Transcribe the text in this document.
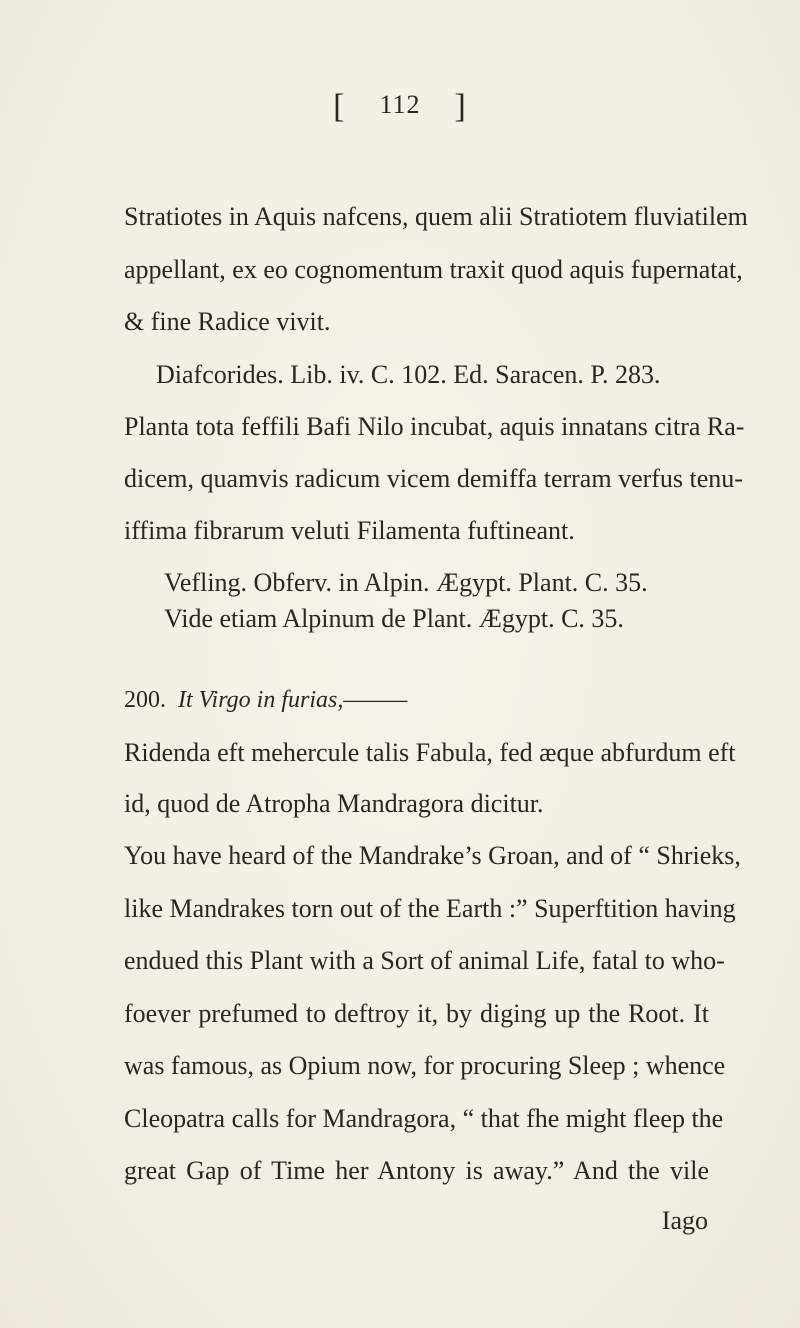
[ 112 ]
Stratiotes in Aquis nafcens, quem alii Stratiotem fluviatilem
appellant, ex eo cognomentum traxit quod aquis fupernatat,
& fine Radice vivit.
Diafcorides. Lib. iv. C. 102. Ed. Saracen. P. 283.
Planta tota feffili Bafi Nilo incubat, aquis innatans citra Ra-
dicem, quamvis radicum vicem demiffa terram verfus tenu-
iffima fibrarum veluti Filamenta fuftineant.
Vefling. Obferv. in Alpin. Ægypt. Plant. C. 35.
Vide etiam Alpinum de Plant. Ægypt. C. 35.
200. It Virgo in furias,———
Ridenda eft mehercule talis Fabula, fed æque abfurdum eft
id, quod de Atropha Mandragora dicitur.
You have heard of the Mandrake’s Groan, and of “ Shrieks,
like Mandrakes torn out of the Earth :” Superftition having
endued this Plant with a Sort of animal Life, fatal to who-
foever prefumed to deftroy it, by diging up the Root. It
was famous, as Opium now, for procuring Sleep ; whence
Cleopatra calls for Mandragora, “ that fhe might fleep the
great Gap of Time her Antony is away.” And the vile
Iago
